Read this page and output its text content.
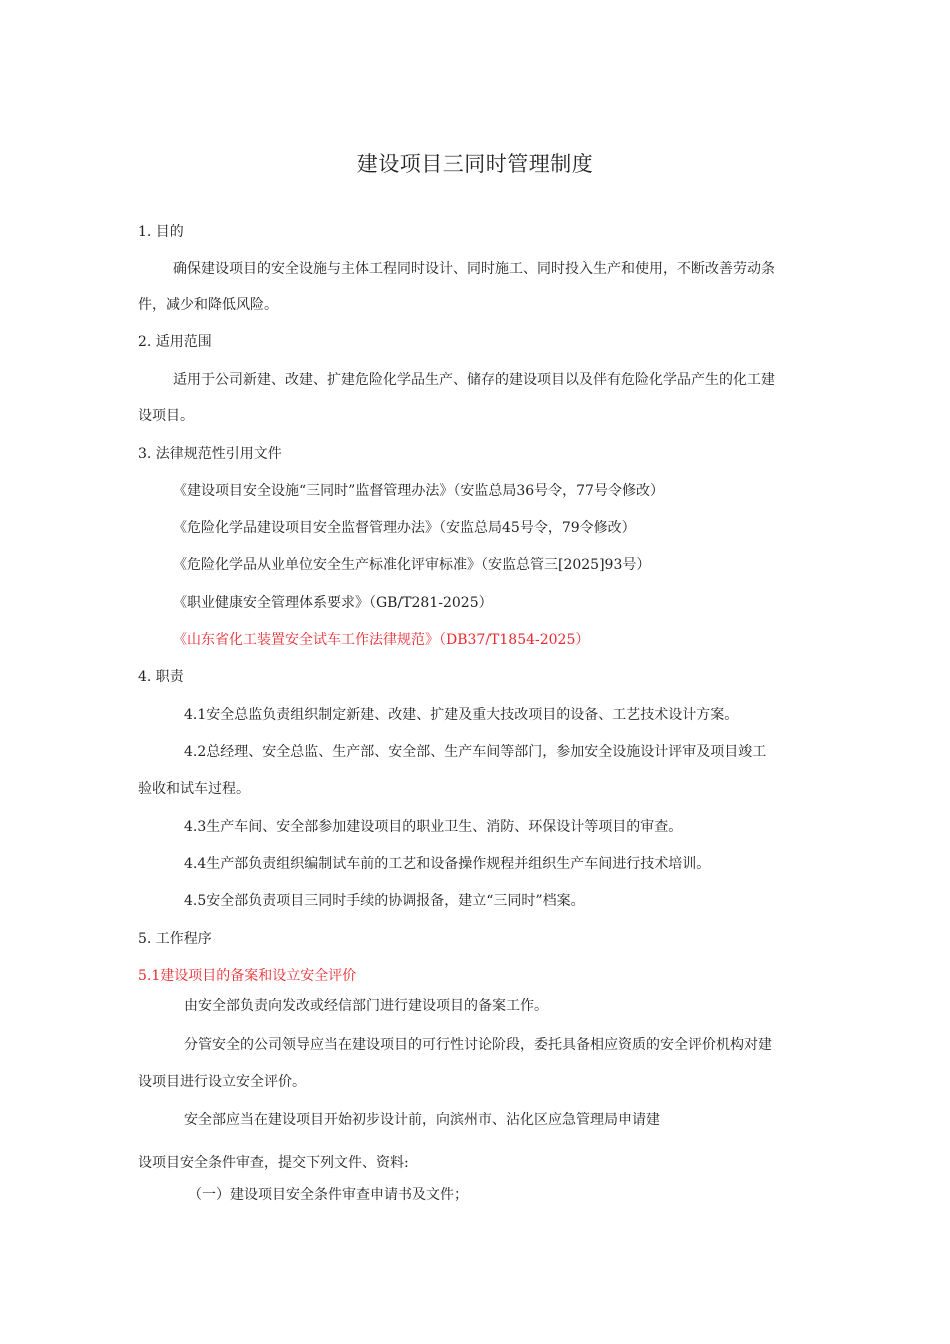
建设项目三同时管理制度
1. 目的
确保建设项目的安全设施与主体工程同时设计、同时施工、同时投入生产和使用，不断改善劳动条
件，减少和降低风险。
2. 适用范围
适用于公司新建、改建、扩建危险化学品生产、储存的建设项目以及伴有危险化学品产生的化工建
设项目。
3. 法律规范性引用文件
《建设项目安全设施“三同时”监督管理办法》（安监总局36号令，77号令修改）
《危险化学品建设项目安全监督管理办法》（安监总局45号令，79令修改）
《危险化学品从业单位安全生产标准化评审标准》（安监总管三[2025]93号）
《职业健康安全管理体系要求》（GB/T281-2025）
《山东省化工装置安全试车工作法律规范》（DB37/T1854-2025）
4. 职责
4.1安全总监负责组织制定新建、改建、扩建及重大技改项目的设备、工艺技术设计方案。
4.2总经理、安全总监、生产部、安全部、生产车间等部门，参加安全设施设计评审及项目竣工
验收和试车过程。
4.3生产车间、安全部参加建设项目的职业卫生、消防、环保设计等项目的审查。
4.4生产部负责组织编制试车前的工艺和设备操作规程并组织生产车间进行技术培训。
4.5安全部负责项目三同时手续的协调报备，建立“三同时”档案。
5. 工作程序
5.1建设项目的备案和设立安全评价
由安全部负责向发改或经信部门进行建设项目的备案工作。
分管安全的公司领导应当在建设项目的可行性讨论阶段，委托具备相应资质的安全评价机构对建
设项目进行设立安全评价。
安全部应当在建设项目开始初步设计前，向滨州市、沾化区应急管理局申请建
设项目安全条件审查，提交下列文件、资料:
（一）建设项目安全条件审查申请书及文件；
